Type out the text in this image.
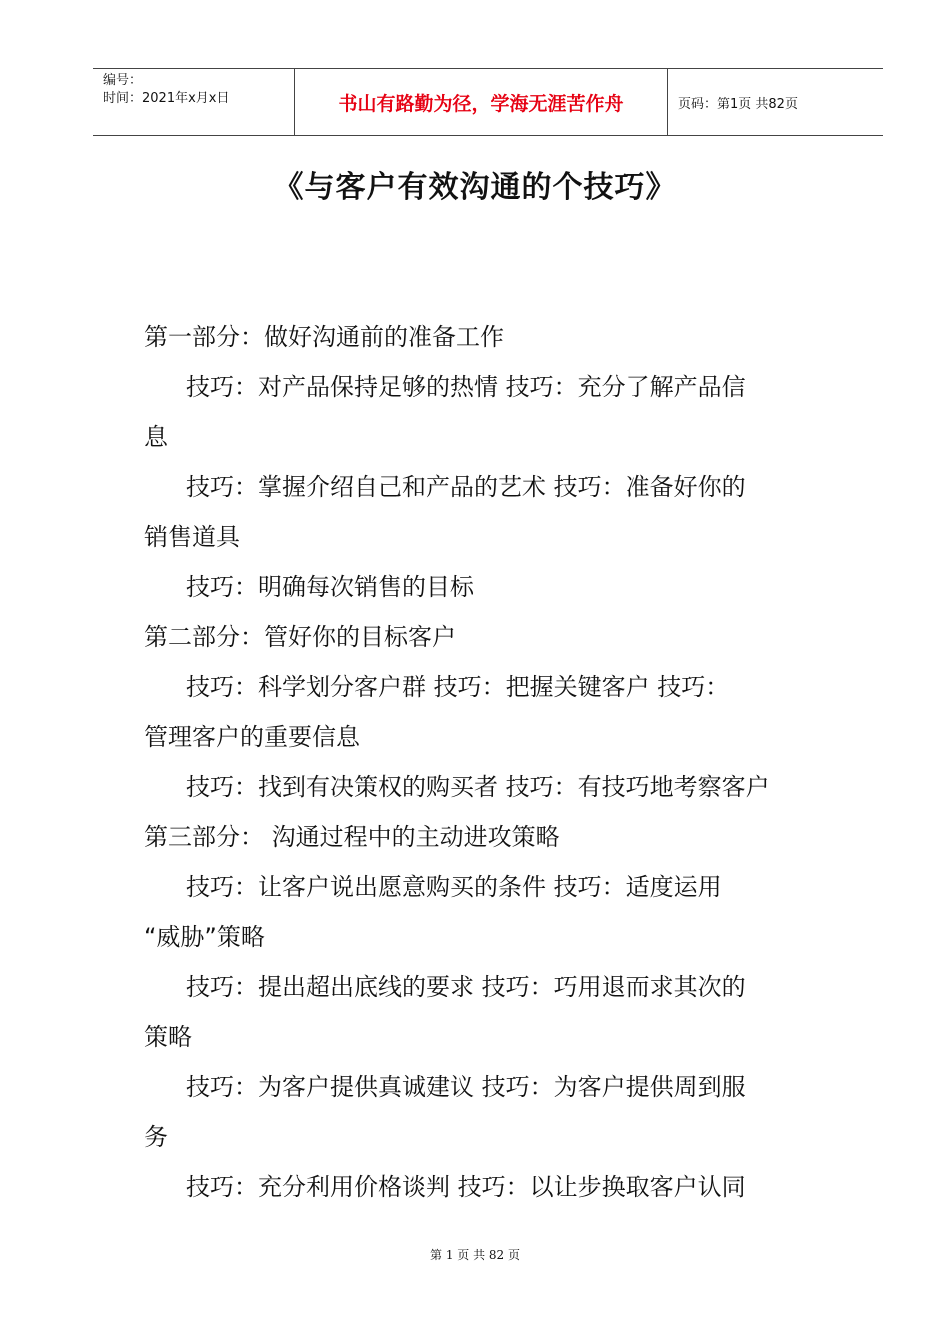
编号：
时间：2021年x月x日	书山有路勤为径，学海无涯苦作舟	页码：第1页 共82页
《与客户有效沟通的个技巧》
第一部分：做好沟通前的准备工作
技巧：对产品保持足够的热情 技巧：充分了解产品信
息
技巧：掌握介绍自己和产品的艺术 技巧：准备好你的
销售道具
技巧：明确每次销售的目标
第二部分：管好你的目标客户
技巧：科学划分客户群 技巧：把握关键客户 技巧：
管理客户的重要信息
技巧：找到有决策权的购买者 技巧：有技巧地考察客户
第三部分： 沟通过程中的主动进攻策略
技巧：让客户说出愿意购买的条件 技巧：适度运用
“威胁”策略
技巧：提出超出底线的要求 技巧：巧用退而求其次的
策略
技巧：为客户提供真诚建议 技巧：为客户提供周到服
务
技巧：充分利用价格谈判 技巧：以让步换取客户认同
第 1 页 共 82 页
